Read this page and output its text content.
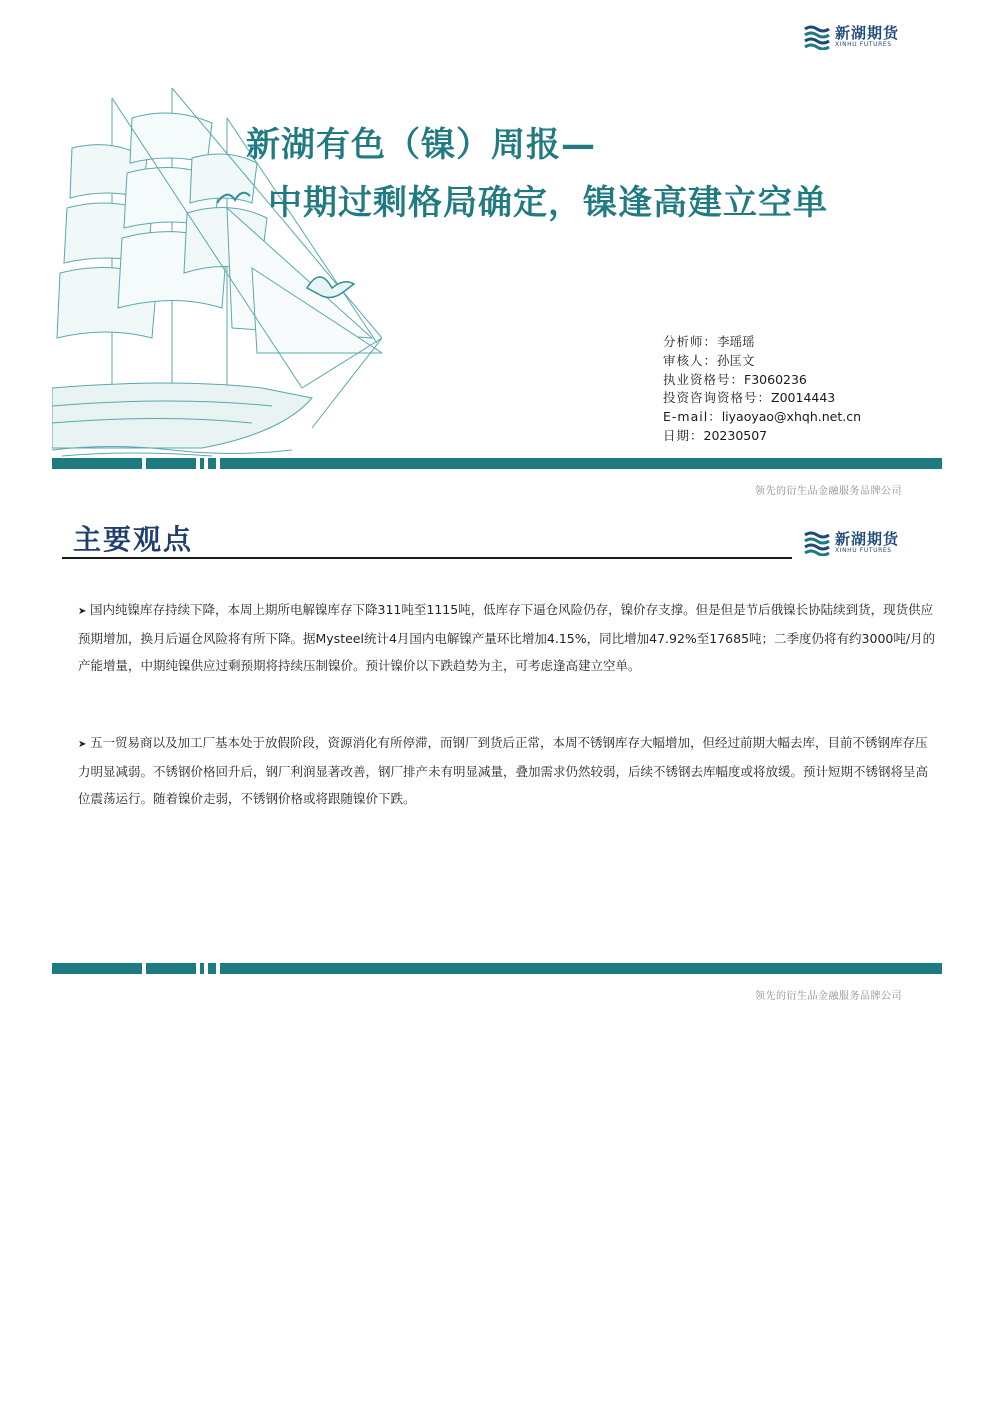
新湖期货
XINHU FUTURES
新湖有色（镍）周报—
中期过剩格局确定，镍逢高建立空单
分析师：李瑶瑶
审核人：孙匡文
执业资格号：F3060236
投资咨询资格号：Z0014443
E-mail：liyaoyao@xhqh.net.cn
日期：20230507
领先的衍生品金融服务品牌公司
主要观点	新湖期货
XINHU FUTURES

➤ 国内纯镍库存持续下降，本周上期所电解镍库存下降311吨至1115吨，低库存下逼仓风险仍存，镍价存支撑。但是但是节后俄镍长协陆续到货，现货供应预期增加，换月后逼仓风险将有所下降。据Mysteel统计4月国内电解镍产量环比增加4.15%，同比增加47.92%至17685吨；二季度仍将有约3000吨/月的产能增量，中期纯镍供应过剩预期将持续压制镍价。预计镍价以下跌趋势为主，可考虑逢高建立空单。

➤ 五一贸易商以及加工厂基本处于放假阶段，资源消化有所停滞，而钢厂到货后正常，本周不锈钢库存大幅增加，但经过前期大幅去库，目前不锈钢库存压力明显减弱。不锈钢价格回升后，钢厂利润显著改善，钢厂排产未有明显减量，叠加需求仍然较弱，后续不锈钢去库幅度或将放缓。预计短期不锈钢将呈高位震荡运行。随着镍价走弱，不锈钢价格或将跟随镍价下跌。

领先的衍生品金融服务品牌公司
